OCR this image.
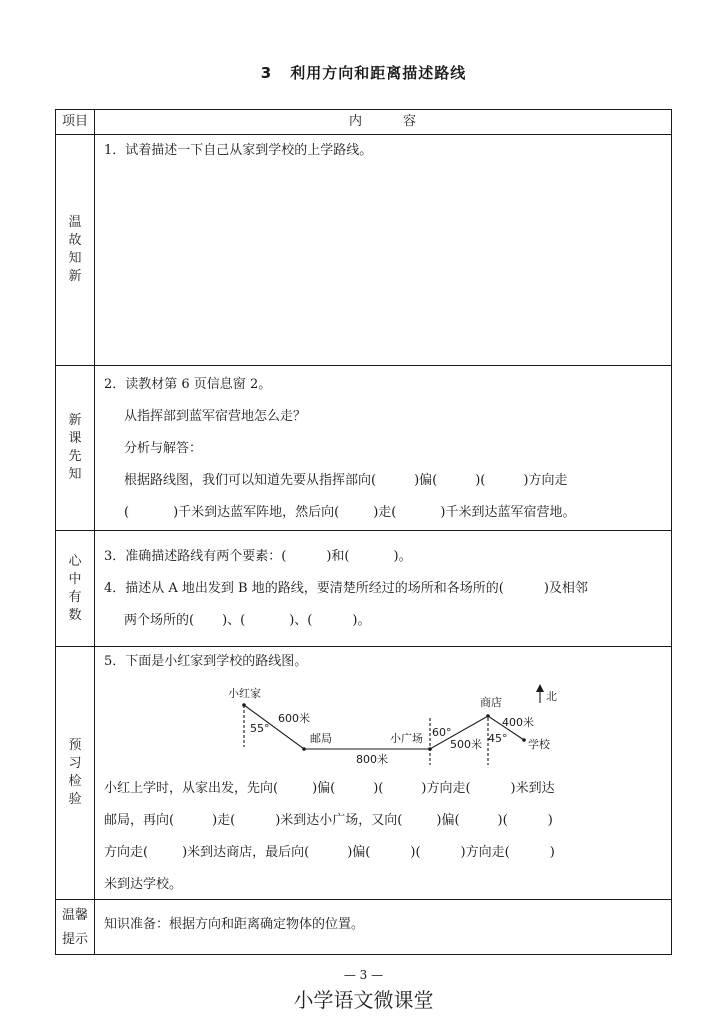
3 利用方向和距离描述路线
项目	内	容
温故知新
1．试着描述一下自己从家到学校的上学路线。
新课先知
2．读教材第 6 页信息窗 2。
从指挥部到蓝军宿营地怎么走？
分析与解答：
根据路线图，我们可以知道先要从指挥部向(	)偏(	)(	)方向走
(	)千米到达蓝军阵地，然后向(	)走(	)千米到达蓝军宿营地。
心中有数
3．准确描述路线有两个要素：(	)和(	)。
4．描述从 A 地出发到 B 地的路线，要清楚所经过的场所和各场所的(	)及相邻
两个场所的( )、(	)、(	)。
预习检验
5．下面是小红家到学校的路线图。
小红家
邮局	小广场
商店
学校
北
600米
800米
500米
400米
55°	60°	45°
小红上学时，从家出发，先向(	)偏(	)(	)方向走(	)米到达
邮局，再向(	)走(	)米到达小广场，又向(	)偏(	)(	)
方向走(	)米到达商店，最后向(	)偏(	)(	)方向走(	)
米到达学校。
温馨提示
知识准备：根据方向和距离确定物体的位置。
— 3 —
小学语文微课堂
